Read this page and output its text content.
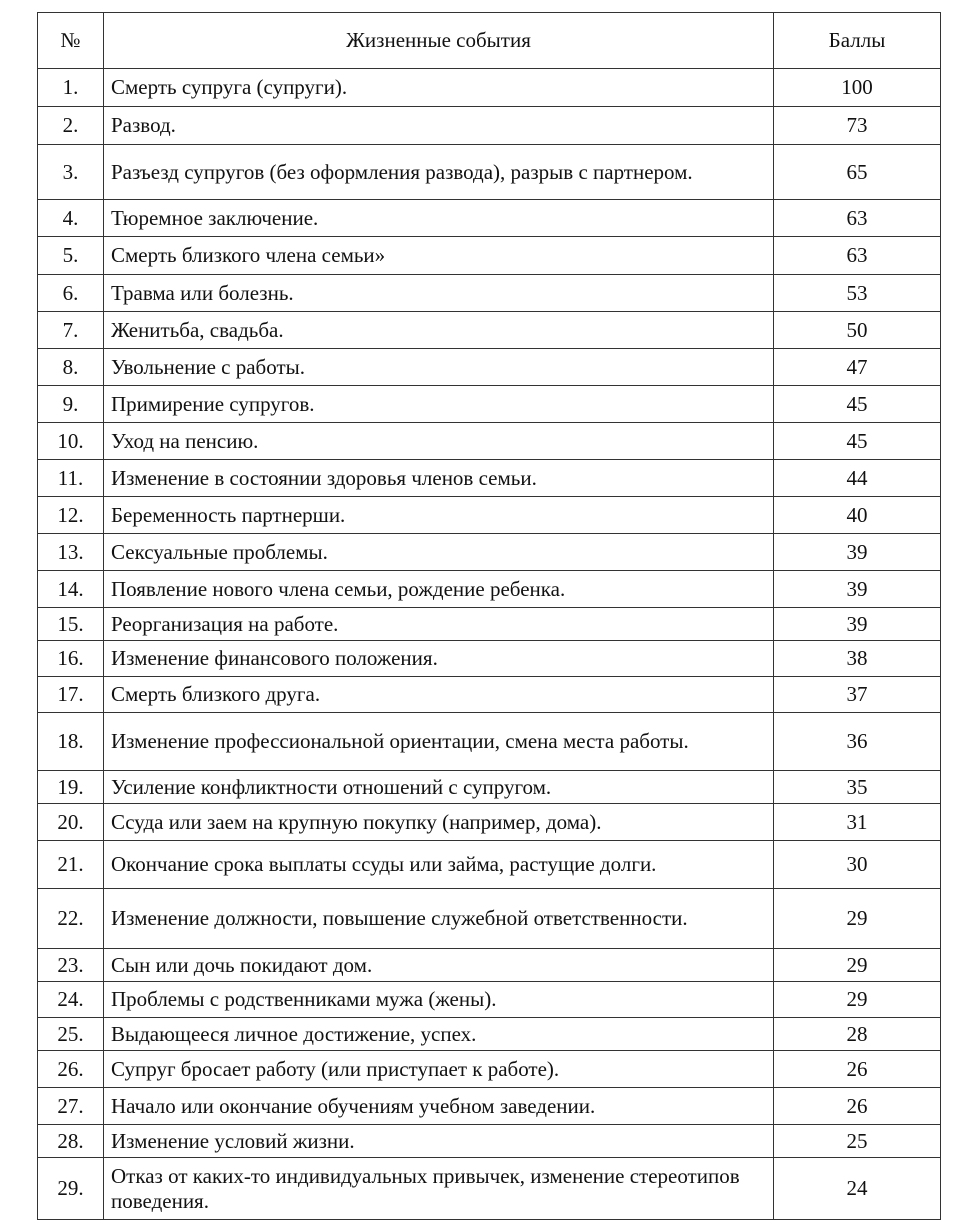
№	Жизненные события	Баллы
1.	Смерть супруга (супруги).	100
2.	Развод.	73
3.	Разъезд супругов (без оформления развода), разрыв с партнером.	65
4.	Тюремное заключение.	63
5.	Смерть близкого члена семьи»	63
6.	Травма или болезнь.	53
7.	Женитьба, свадьба.	50
8.	Увольнение с работы.	47
9.	Примирение супругов.	45
10.	Уход на пенсию.	45
11.	Изменение в состоянии здоровья членов семьи.	44
12.	Беременность партнерши.	40
13.	Сексуальные проблемы.	39
14.	Появление нового члена семьи, рождение ребенка.	39
15.	Реорганизация на работе.	39
16.	Изменение финансового положения.	38
17.	Смерть близкого друга.	37
18.	Изменение профессиональной ориентации, смена места работы.	36
19.	Усиление конфликтности отношений с супругом.	35
20.	Ссуда или заем на крупную покупку (например, дома).	31
21.	Окончание срока выплаты ссуды или займа, растущие долги.	30
22.	Изменение должности, повышение служебной ответственности.	29
23.	Сын или дочь покидают дом.	29
24.	Проблемы с родственниками мужа (жены).	29
25.	Выдающееся личное достижение, успех.	28
26.	Супруг бросает работу (или приступает к работе).	26
27.	Начало или окончание обучениям учебном заведении.	26
28.	Изменение условий жизни.	25
29.	Отказ от каких-то индивидуальных привычек, изменение стереотипов поведения.	24
